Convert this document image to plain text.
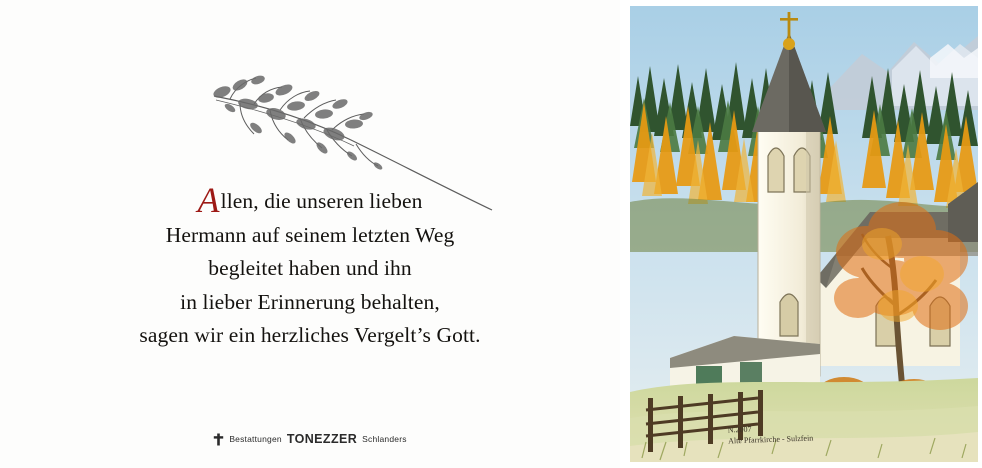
Allen, die unseren lieben
Hermann auf seinem letzten Weg
begleitet haben und ihn
in lieber Erinnerung behalten,
sagen wir ein herzliches Vergelt’s Gott.
Bestattungen TONEZZER Schlanders
N.2007
Alte Pfarrkirche - Sulzfein
